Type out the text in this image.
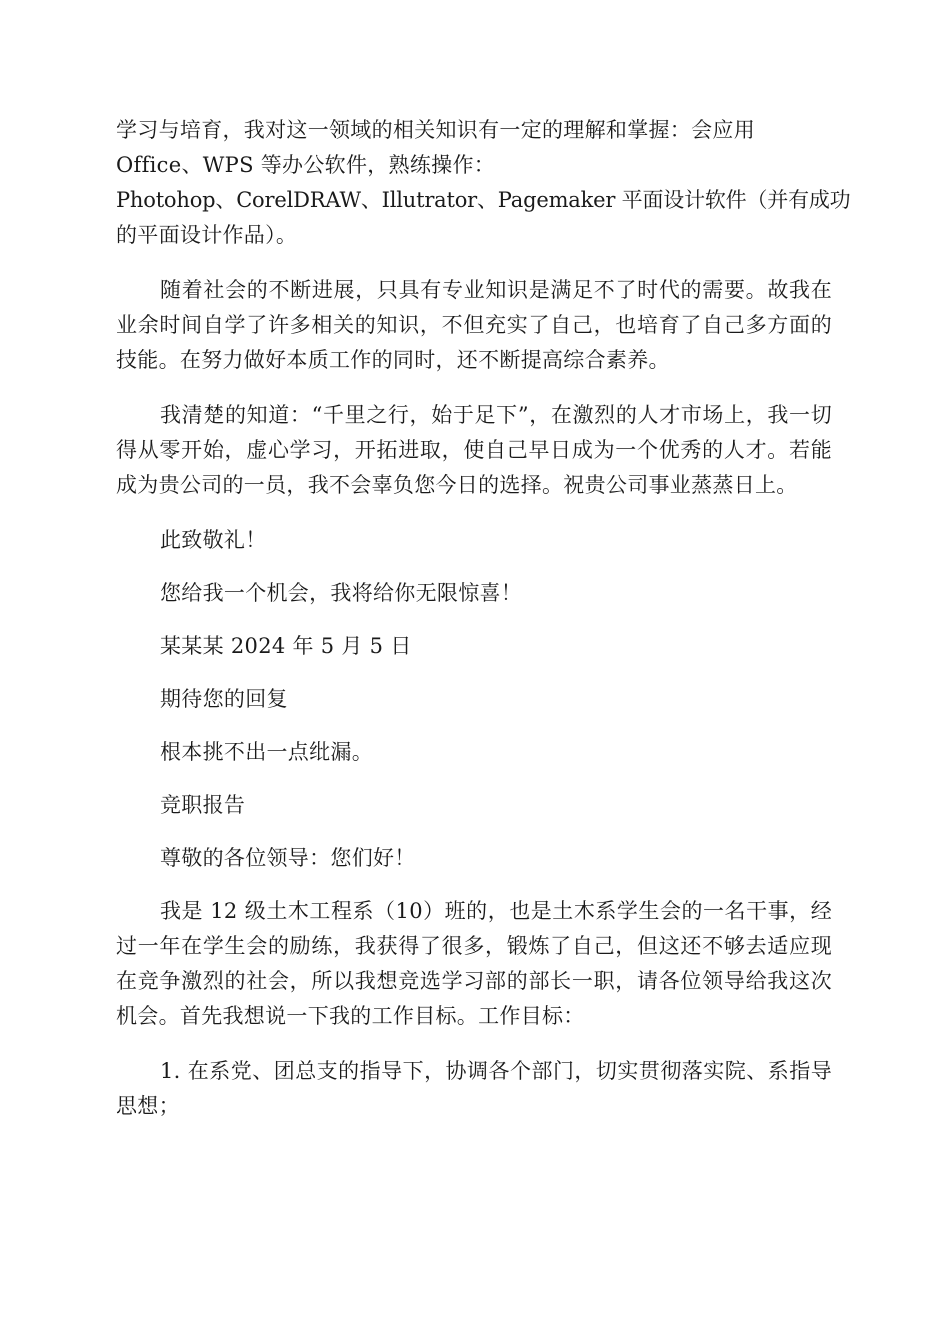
学习与培育，我对这一领域的相关知识有一定的理解和掌握：会应用
Office、WPS 等办公软件，熟练操作：
Photohop、CorelDRAW、Illutrator、Pagemaker 平面设计软件（并有成功
的平面设计作品）。

随着社会的不断进展，只具有专业知识是满足不了时代的需要。故我在业余时间自学了许多相关的知识，不但充实了自己，也培育了自己多方面的技能。在努力做好本质工作的同时，还不断提高综合素养。

我清楚的知道：“千里之行，始于足下”，在激烈的人才市场上，我一切得从零开始，虚心学习，开拓进取，使自己早日成为一个优秀的人才。若能成为贵公司的一员，我不会辜负您今日的选择。祝贵公司事业蒸蒸日上。

此致敬礼！

您给我一个机会，我将给你无限惊喜！

某某某 2024 年 5 月 5 日

期待您的回复

根本挑不出一点纰漏。

竞职报告

尊敬的各位领导：您们好！

我是 12 级土木工程系（10）班的，也是土木系学生会的一名干事，经过一年在学生会的励练，我获得了很多，锻炼了自己，但这还不够去适应现在竞争激烈的社会，所以我想竞选学习部的部长一职，请各位领导给我这次机会。首先我想说一下我的工作目标。工作目标：

1. 在系党、团总支的指导下，协调各个部门，切实贯彻落实院、系指导思想；
